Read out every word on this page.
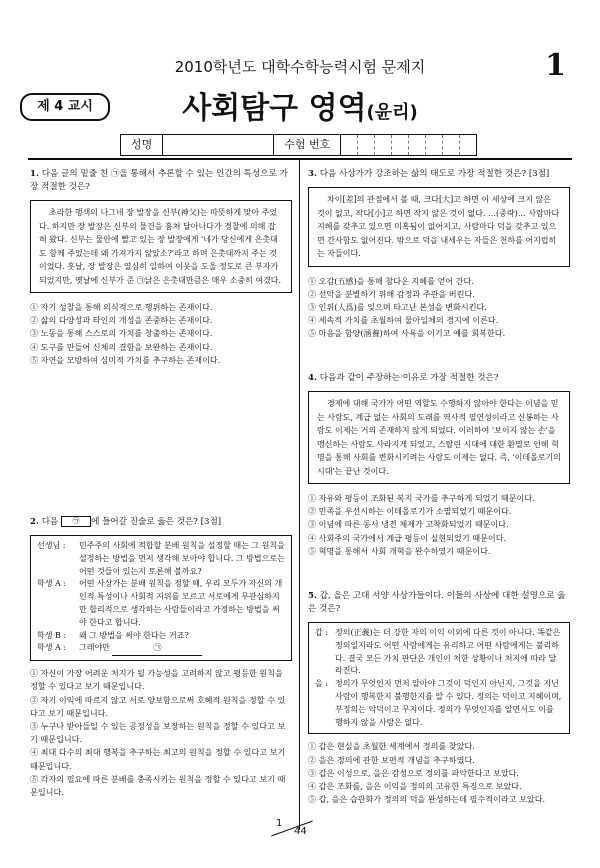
2010학년도 대학수학능력시험 문제지	1
제 4 교시	사회탐구 영역(윤리)
성명	수험 번호
1. 다음 글의 밑줄 친 ㉠을 통해서 추론할 수 있는 인간의 특성으로 가장 적절한 것은?
초라한 행색의 나그네 장 발장을 신부(神父)는 따뜻하게 맞아 주었다. 하지만 장 발장은 신부의 물건을 훔쳐 달아나다가 경찰에 의해 잡혀 왔다. 신부는 물안에 빨고 있는 장 발장에게 '네가 당신에게 은촛대도 함께 주었는데 왜 가져가지 않았소?'라고 하며 은촛대까지 주는 것이었다. 훗날, 장 발장은 열심히 일하여 이웃을 도울 정도로 큰 부자가 되었지만, 옛날에 신부가 준 ㉠낡은 은촛대만큼은 매우 소중히 여겼다.
① 자기 성찰을 통해 의식적으로 행위하는 존재이다.
② 삶의 다양성과 타인의 개성을 존중하는 존재이다.
③ 노동을 통해 스스로의 가치를 창출하는 존재이다.
④ 도구를 만들어 신체의 결함을 보완하는 존재이다.
⑤ 자연을 모방하여 심미적 가치를 추구하는 존재이다.
2. 다음 ㉠ 에 들어갈 진술로 옳은 것은? [3점]
선생님 :	민주주의 사회에 적합할 분배 원칙을 설정할 때는 그 원칙을 설정하는 방법을 먼저 생각해 보아야 합니다. 그 방법으로는 어떤 것들이 있는지 토론해 볼까요?
학생 A :	어떤 사상가는 분배 원칙을 정할 때, 우리 모두가 자신의 개인적 특성이나 사회적 지위를 모르고 서로에게 무관심하지만 합리적으로 생각하는 사람들이라고 가정하는 방법을 써야 한다고 합니다.
학생 B :	왜 그 방법을 써야 한다는 거죠?
학생 A :	그래야만	㉠
① 자신이 가장 어려운 처지가 될 가능성을 고려하지 않고 평등한 원칙을 정할 수 있다고 보기 때문입니다.
② 자기 이익에 따르지 않고 서로 양보함으로써 호혜적 원칙을 정할 수 있다고 보기 때문입니다.
③ 누구나 받아들일 수 있는 공정성을 보장하는 원칙을 정할 수 있다고 보기 때문입니다.
④ 최대 다수의 최대 행복을 추구하는 최고의 원칙을 정할 수 있다고 보기 때문입니다.
⑤ 각자의 필요에 따른 분배를 충족시키는 원칙을 정할 수 있다고 보기 때문입니다.
3. 다음 사상가가 강조하는 삶의 태도로 가장 적절한 것은? [3점]
차이[差]의 관점에서 볼 때, 크다[大]고 하면 이 세상에 크지 않은 것이 없고, 작다[小]고 하면 작지 않은 것이 없다. …(중략)… 사람마다 지혜를 갖추고 있으면 미혹됨이 없어지고, 사람마다 덕을 갖추고 있으면 간사함도 없어진다. 밖으로 덕을 내세우는 자들은 천하를 어지럽히는 자들이다.
① 오감(五感)을 통해 참다운 지혜를 얻어 간다.
② 선악을 분별하기 위해 감정과 주관을 버린다.
③ 인위(人爲)를 잊으며 타고난 본성을 변화시킨다.
④ 세속적 가치를 초월하여 물아일체의 경지에 이른다.
⑤ 마음을 함양(涵養)하여 사욕을 이기고 예를 회복한다.
4. 다음과 같이 주장하는 이유로 가장 적절한 것은?
경제에 대해 국가가 어떤 역할도 수행하지 않아야 한다는 이념을 믿는 사람도, 계급 없는 사회의 도래를 역사적 필연성이라고 신봉하는 사람도 이제는 거의 존재하지 않게 되었다. 이러하여 '보이지 않는 손'을 맹신하는 사람도 사라지게 되었고, 스탈린 시대에 대한 환멸로 인해 혁명을 통해 사회를 변화시키려는 사람도 이제는 없다. 즉, '이데올로기의 시대'는 끝난 것이다.
① 자유와 평등이 조화된 복지 국가를 추구하게 되었기 때문이다.
② 민족을 우선시하는 이데올로기가 소멸되었기 때문이다.
③ 이념에 따른 동서 냉전 체제가 고착화되었기 때문이다.
④ 사회주의 국가에서 계급 평등이 실현되었기 때문이다.
⑤ 혁명을 통해서 사회 개혁을 완수하였기 때문이다.
5. 갑, 을은 고대 서양 사상가들이다. 이들의 사상에 대한 설명으로 옳은 것은?
갑 : 정의(正義)는 더 강한 자의 이익 이외에 다른 것이 아니다. 똑같은 정의일지라도 어떤 사람에게는 유리하고 어떤 사람에게는 불리하다. 결국 모든 가치 판단은 개인이 처한 상황이나 처지에 따라 달라진다.
을 : 정의가 무엇인지 먼저 알아야 그것이 덕인지 아닌지, 그것을 지닌 사람이 행복한지 불행한지를 알 수 있다. 정의는 덕이고 지혜이며, 부정의는 악덕이고 무지이다. 정의가 무엇인지를 알면서도 이를 행하지 않을 사람은 없다.
① 갑은 현실을 초월한 세계에서 정의를 찾았다.
② 을은 정의에 관한 보편적 개념을 추구하였다.
③ 갑은 이성으로, 을은 감성으로 정의를 파악한다고 보았다.
④ 갑은 조화를, 을은 이익을 정의의 고유한 특징으로 보았다.
⑤ 갑, 을은 습관화가 정의의 덕을 완성하는데 필수적이라고 보았다.
1
44
